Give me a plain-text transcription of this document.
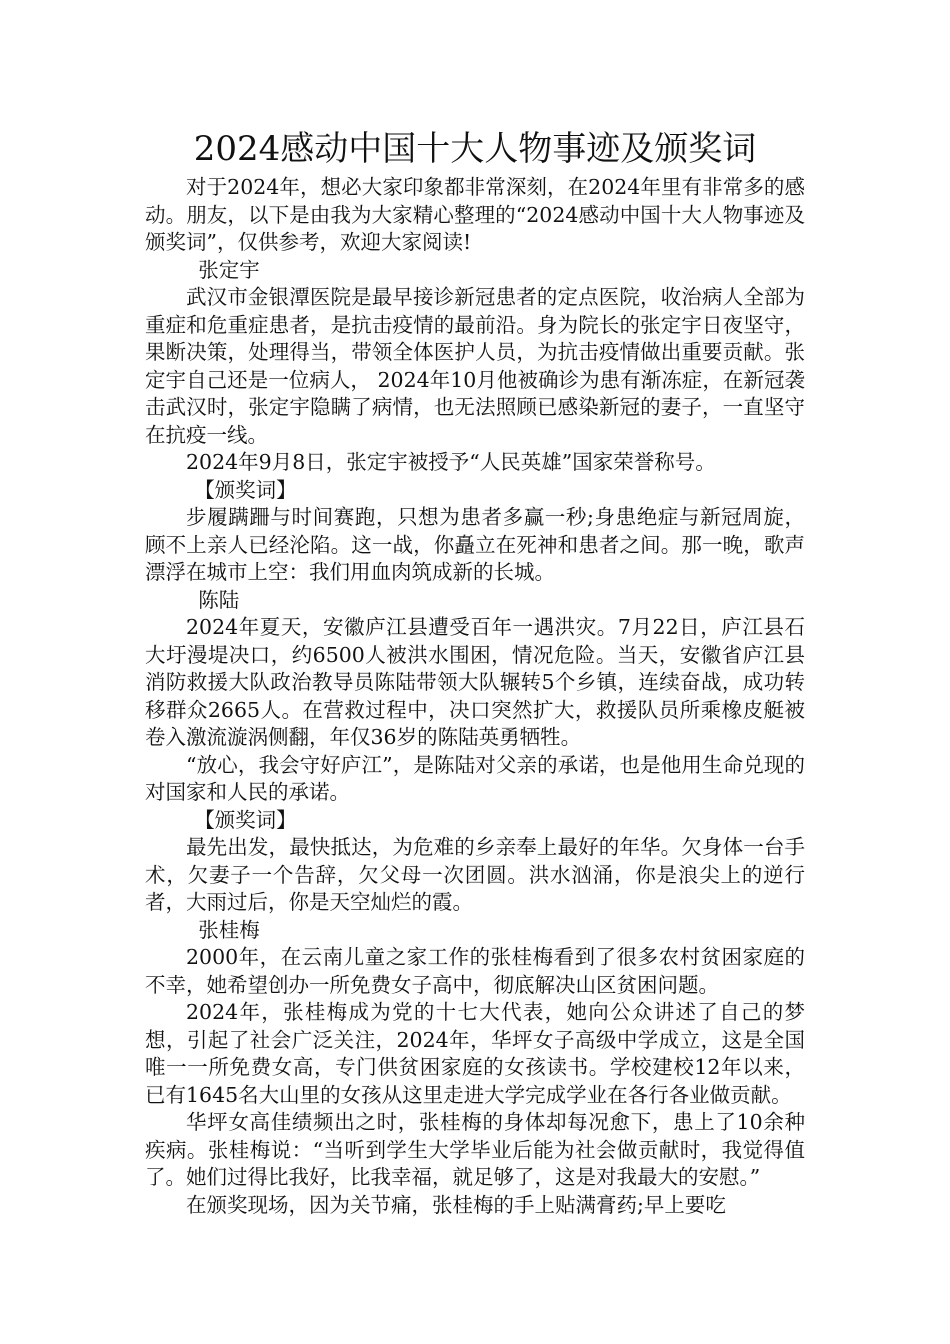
2024感动中国十大人物事迹及颁奖词

对于2024年，想必大家印象都非常深刻，在2024年里有非常多的感动。朋友，以下是由我为大家精心整理的“2024感动中国十大人物事迹及颁奖词”，仅供参考，欢迎大家阅读!

张定宇

武汉市金银潭医院是最早接诊新冠患者的定点医院，收治病人全部为重症和危重症患者，是抗击疫情的最前沿。身为院长的张定宇日夜坚守，果断决策，处理得当，带领全体医护人员，为抗击疫情做出重要贡献。张定宇自己还是一位病人， 2024年10月他被确诊为患有渐冻症，在新冠袭击武汉时，张定宇隐瞒了病情，也无法照顾已感染新冠的妻子，一直坚守在抗疫一线。

2024年9月8日，张定宇被授予“人民英雄”国家荣誉称号。

【颁奖词】

步履蹒跚与时间赛跑，只想为患者多赢一秒;身患绝症与新冠周旋，顾不上亲人已经沦陷。这一战，你矗立在死神和患者之间。那一晚，歌声漂浮在城市上空：我们用血肉筑成新的长城。

陈陆

2024年夏天，安徽庐江县遭受百年一遇洪灾。7月22日，庐江县石大圩漫堤决口，约6500人被洪水围困，情况危险。当天，安徽省庐江县消防救援大队政治教导员陈陆带领大队辗转5个乡镇，连续奋战，成功转移群众2665人。在营救过程中，决口突然扩大，救援队员所乘橡皮艇被卷入激流漩涡侧翻，年仅36岁的陈陆英勇牺牲。

“放心，我会守好庐江”，是陈陆对父亲的承诺，也是他用生命兑现的对国家和人民的承诺。

【颁奖词】

最先出发，最快抵达，为危难的乡亲奉上最好的年华。欠身体一台手术，欠妻子一个告辞，欠父母一次团圆。洪水汹涌，你是浪尖上的逆行者，大雨过后，你是天空灿烂的霞。

张桂梅

2000年，在云南儿童之家工作的张桂梅看到了很多农村贫困家庭的不幸，她希望创办一所免费女子高中，彻底解决山区贫困问题。

2024年，张桂梅成为党的十七大代表，她向公众讲述了自己的梦想，引起了社会广泛关注，2024年，华坪女子高级中学成立，这是全国唯一一所免费女高，专门供贫困家庭的女孩读书。学校建校12年以来，已有1645名大山里的女孩从这里走进大学完成学业在各行各业做贡献。

华坪女高佳绩频出之时，张桂梅的身体却每况愈下，患上了10余种疾病。张桂梅说：“当听到学生大学毕业后能为社会做贡献时，我觉得值了。她们过得比我好，比我幸福，就足够了，这是对我最大的安慰。”

在颁奖现场，因为关节痛，张桂梅的手上贴满膏药;早上要吃
